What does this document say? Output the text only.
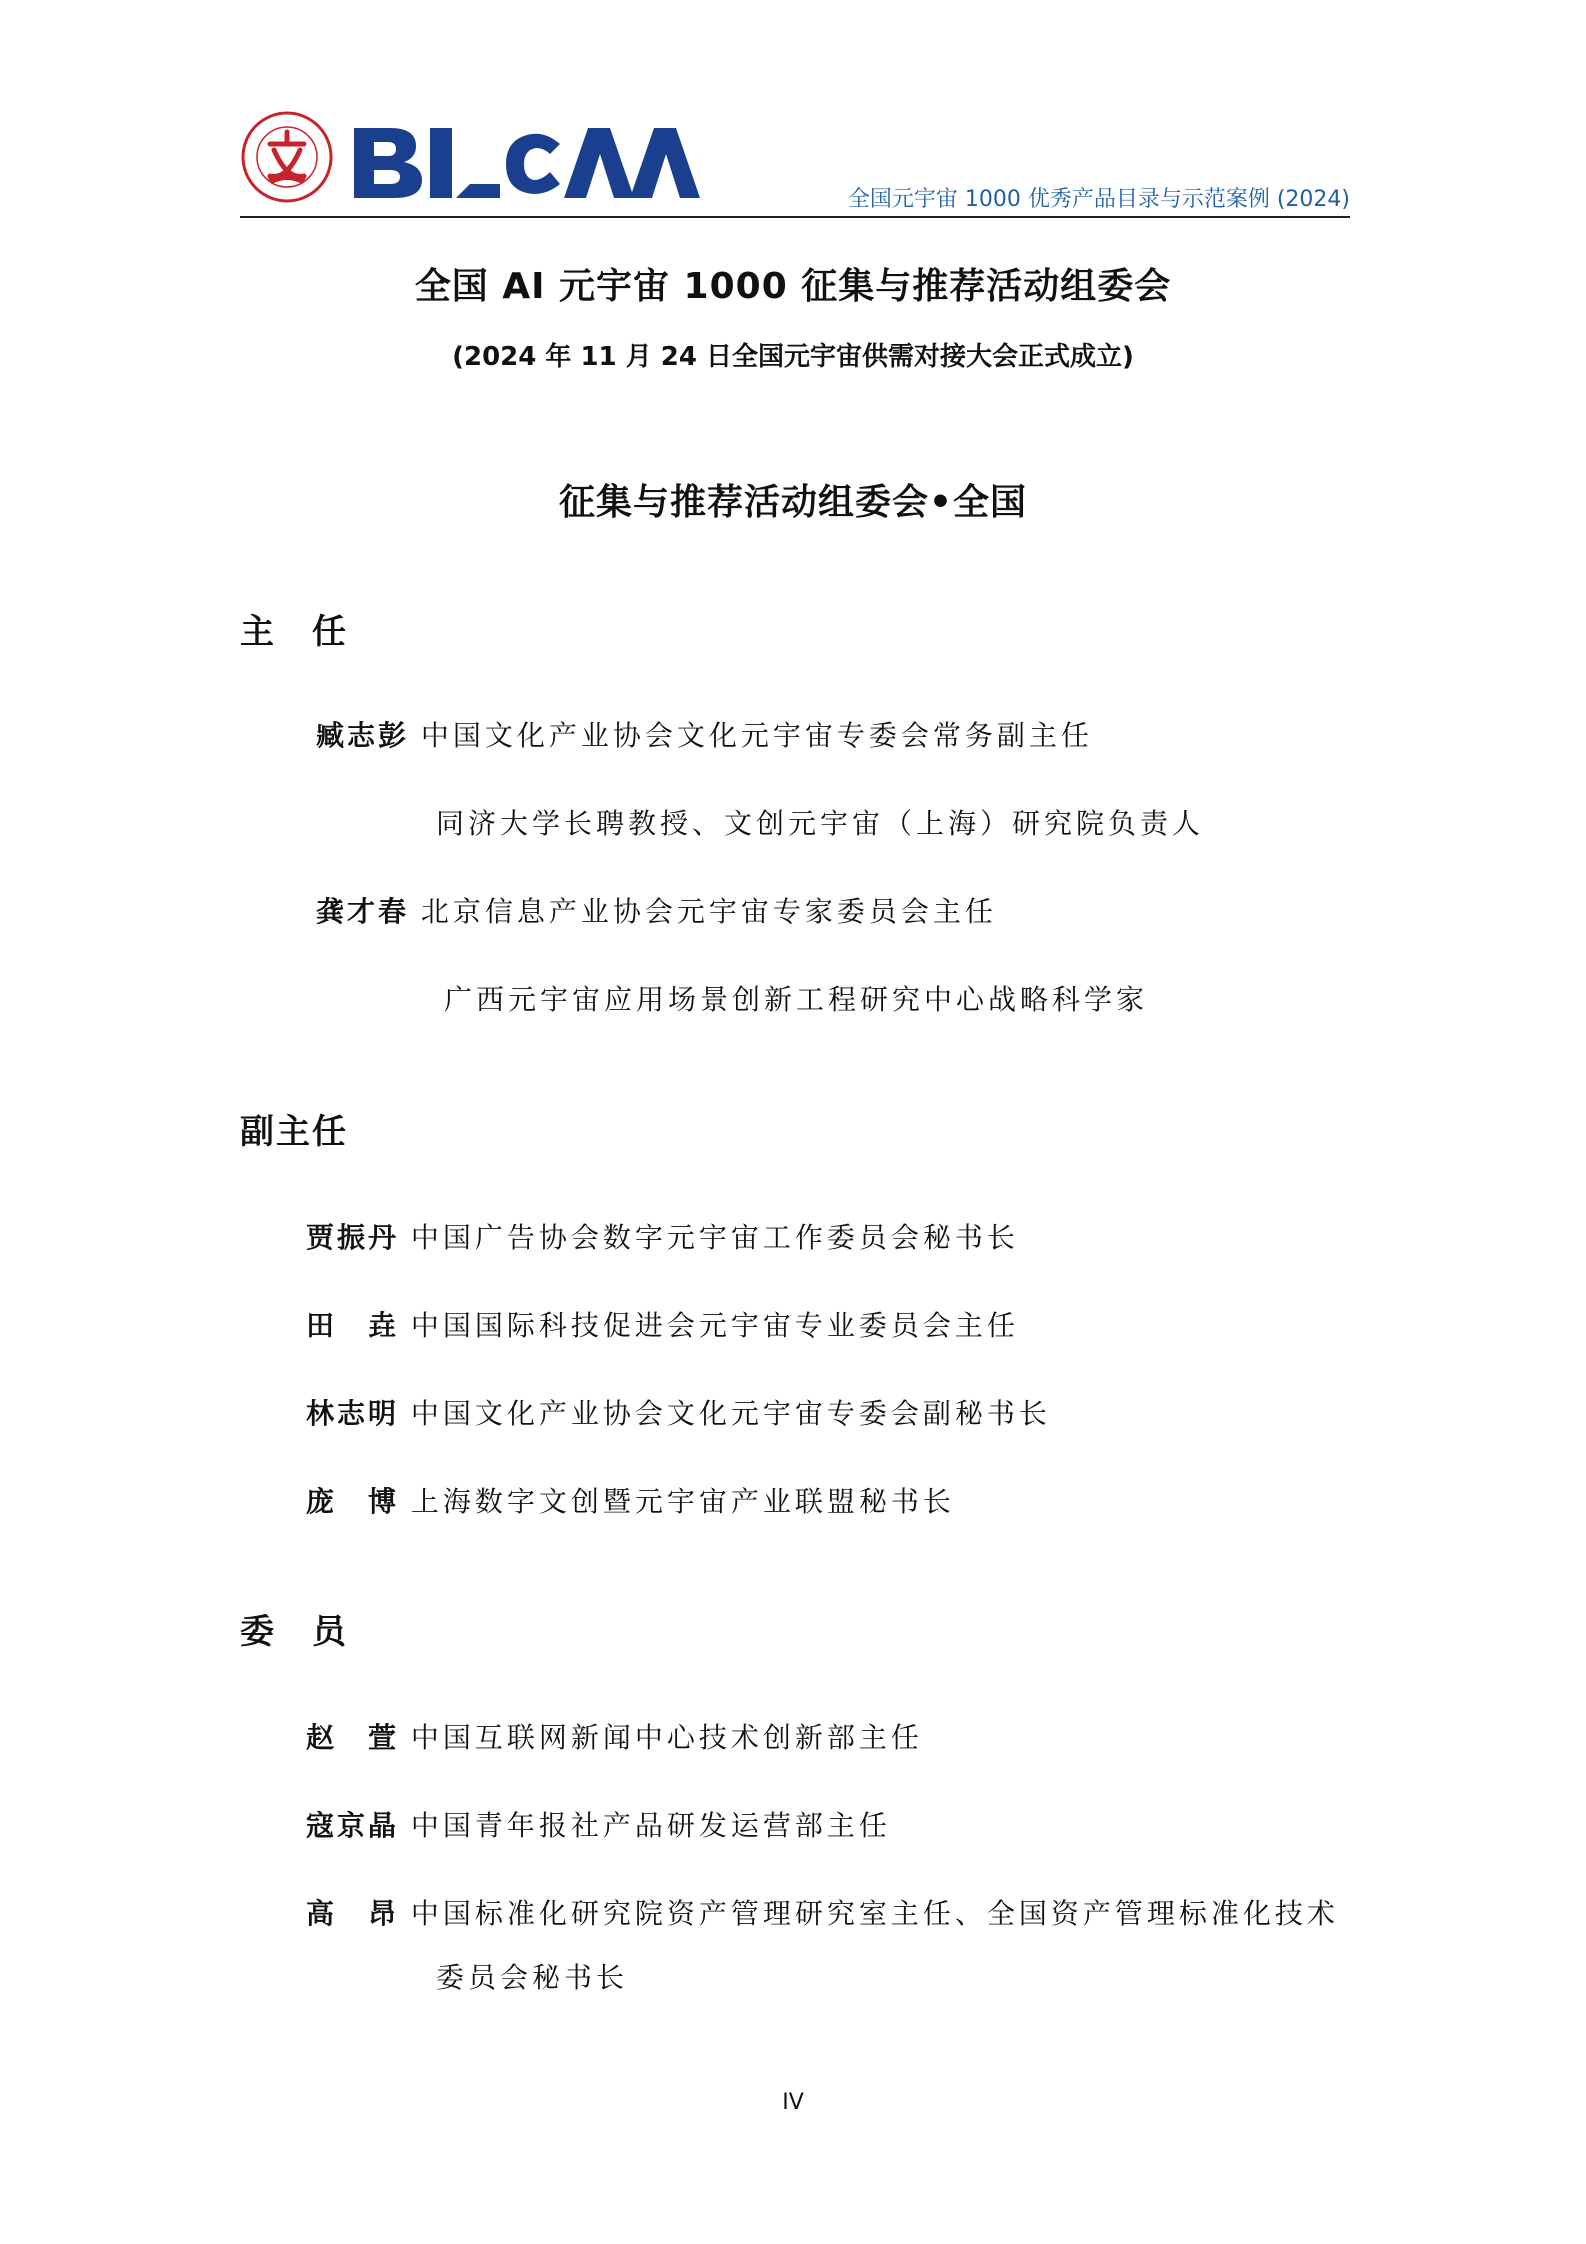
全国元宇宙 1000 优秀产品目录与示范案例 (2024)
全国 AI 元宇宙 1000 征集与推荐活动组委会
(2024 年 11 月 24 日全国元宇宙供需对接大会正式成立)
征集与推荐活动组委会•全国
主　任
臧志彭 中国文化产业协会文化元宇宙专委会常务副主任
同济大学长聘教授、文创元宇宙（上海）研究院负责人
龚才春 北京信息产业协会元宇宙专家委员会主任
广西元宇宙应用场景创新工程研究中心战略科学家
副主任
贾振丹 中国广告协会数字元宇宙工作委员会秘书长
田　垚 中国国际科技促进会元宇宙专业委员会主任
林志明 中国文化产业协会文化元宇宙专委会副秘书长
庞　博 上海数字文创暨元宇宙产业联盟秘书长
委　员
赵　萱 中国互联网新闻中心技术创新部主任
寇京晶 中国青年报社产品研发运营部主任
高　昂 中国标准化研究院资产管理研究室主任、全国资产管理标准化技术
委员会秘书长
IV
